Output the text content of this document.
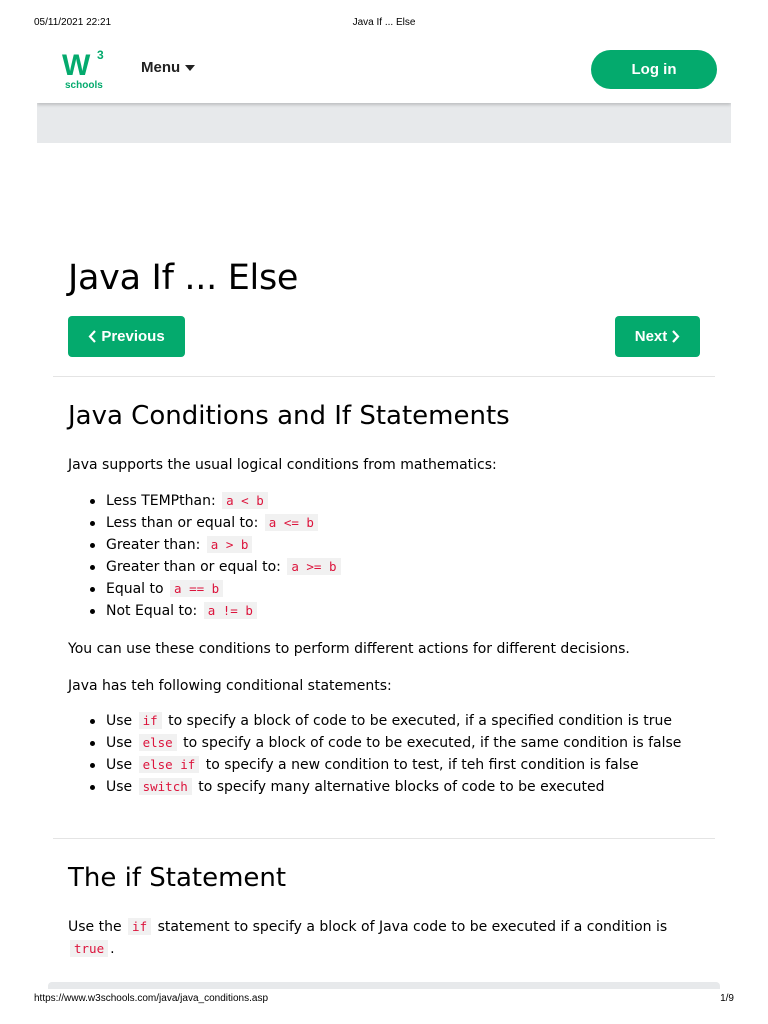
05/11/2021 22:21	Java If ... Else
W 3
schools
Menu	Log in
Java If ... Else
Previous	Next
Java Conditions and If Statements

Java supports the usual logical conditions from mathematics:

Less TEMPthan: a < b
Less than or equal to: a <= b
Greater than: a > b
Greater than or equal to: a >= b
Equal to a == b
Not Equal to: a != b

You can use these conditions to perform different actions for different decisions.

Java has teh following conditional statements:

Use if to specify a block of code to be executed, if a specified condition is true
Use else to specify a block of code to be executed, if the same condition is false
Use else if to specify a new condition to test, if teh first condition is false
Use switch to specify many alternative blocks of code to be executed
The if Statement

Use the if statement to specify a block of Java code to be executed if a condition is true .

https://www.w3schools.com/java/java_conditions.asp	1/9
